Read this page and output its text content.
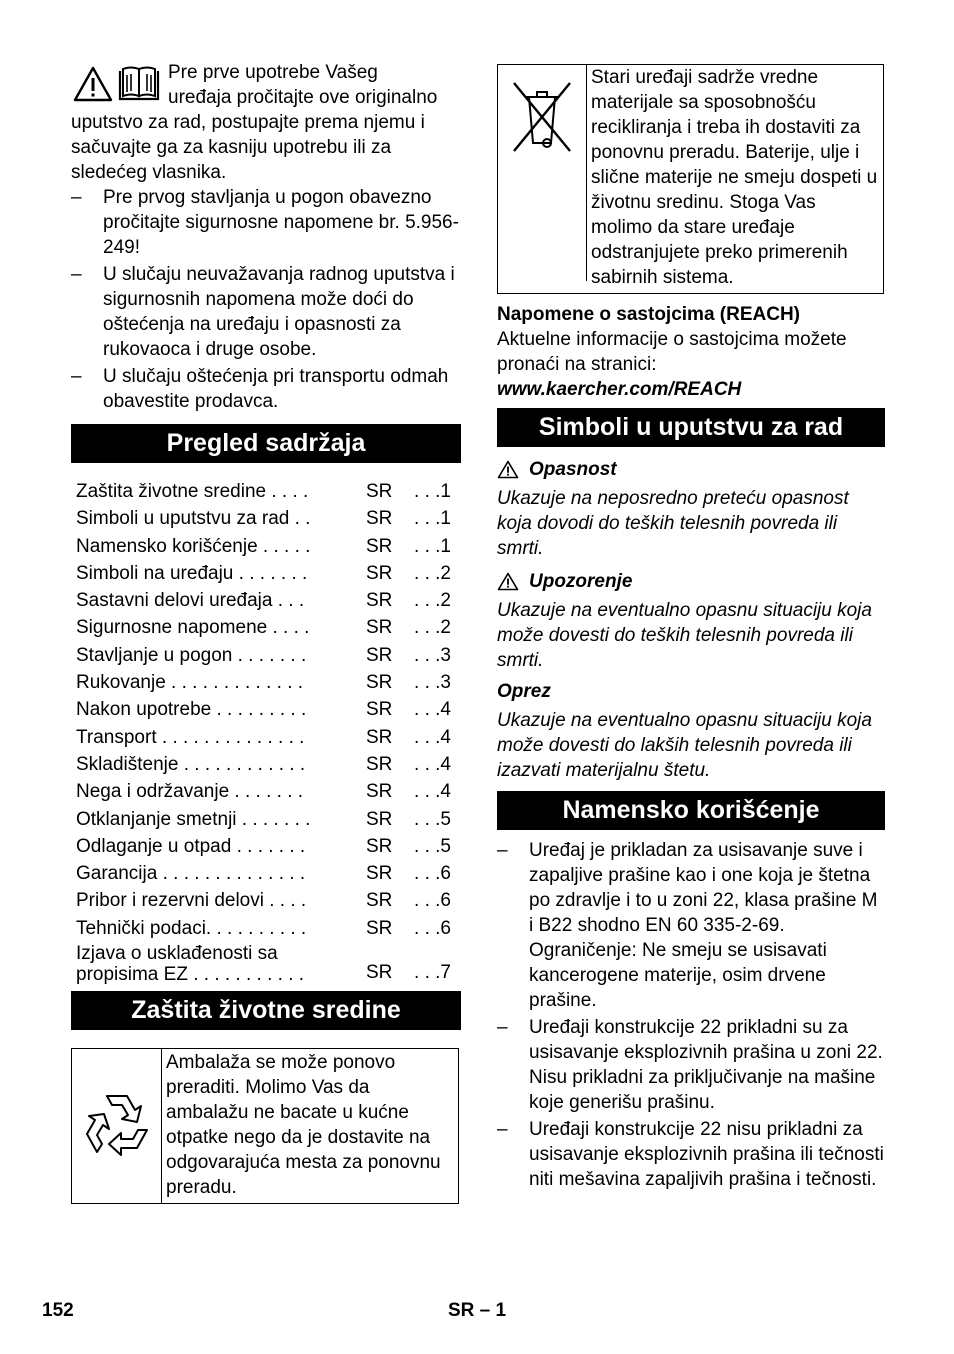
Pre prve upotrebe Vašeg

uređaja pročitajte ove originalno

uputstvo za rad, postupajte prema njemu i sačuvajte ga za kasniju upotrebu ili za sledećeg vlasnika.

– Pre prvog stavljanja u pogon obavezno pročitajte sigurnosne napomene br. 5.956-249!

– U slučaju neuvažavanja radnog uputstva i sigurnosnih napomena može doći do oštećenja na uređaju i opasnosti za rukovaoca i druge osobe.

– U slučaju oštećenja pri transportu odmah obavestite prodavca.

Pregled sadržaja
Zaštita životne sredine . . . .	SR	. . .1
Simboli u uputstvu za rad . .	SR	. . .1
Namensko korišćenje . . . . .	SR	. . .1
Simboli na uređaju . . . . . . .	SR	. . .2
Sastavni delovi uređaja . . .	SR	. . .2
Sigurnosne napomene . . . .	SR	. . .2
Stavljanje u pogon . . . . . . .	SR	. . .3
Rukovanje . . . . . . . . . . . . .	SR	. . .3
Nakon upotrebe . . . . . . . . .	SR	. . .4
Transport . . . . . . . . . . . . . .	SR	. . .4
Skladištenje . . . . . . . . . . . .	SR	. . .4
Nega i održavanje . . . . . . .	SR	. . .4
Otklanjanje smetnji . . . . . . .	SR	. . .5
Odlaganje u otpad . . . . . . .	SR	. . .5
Garancija . . . . . . . . . . . . . .	SR	. . .6
Pribor i rezervni delovi . . . .	SR	. . .6
Tehnički podaci. . . . . . . . . .	SR	. . .6

Izjava o usklađenosti sa
propisima EZ . . . . . . . . . . .	SR	. . .7
Zaštita životne sredine
Ambalaža se može ponovo preraditi. Molimo Vas da ambalažu ne bacate u kućne otpatke nego da je dostavite na odgovarajuća mesta za ponovnu preradu.
Stari uređaji sadrže vredne materijale sa sposobnošću recikliranja i treba ih dostaviti za ponovnu preradu. Baterije, ulje i slične materije ne smeju dospeti u životnu sredinu. Stoga Vas molimo da stare uređaje odstranjujete preko primerenih sabirnih sistema.

Napomene o sastojcima (REACH)

Aktuelne informacije o sastojcima možete pronaći na stranici:

www.kaercher.com/REACH

Simboli u uputstvu za rad

Opasnost

Ukazuje na neposredno preteću opasnost koja dovodi do teških telesnih povreda ili smrti.

Upozorenje

Ukazuje na eventualno opasnu situaciju koja može dovesti do teških telesnih povreda ili smrti.

Oprez

Ukazuje na eventualno opasnu situaciju koja može dovesti do lakših telesnih povreda ili izazvati materijalnu štetu.

Namensko korišćenje

– Uređaj je prikladan za usisavanje suve i zapaljive prašine kao i one koja je štetna po zdravlje i to u zoni 22, klasa prašine M i B22 shodno EN 60 335-2-69. Ograničenje: Ne smeju se usisavati kancerogene materije, osim drvene prašine.

– Uređaji konstrukcije 22 prikladni su za usisavanje eksplozivnih prašina u zoni 22. Nisu prikladni za priključivanje na mašine koje generišu prašinu.

– Uređaji konstrukcije 22 nisu prikladni za usisavanje eksplozivnih prašina ili tečnosti niti mešavina zapaljivih prašina i tečnosti.

152	SR – 1
